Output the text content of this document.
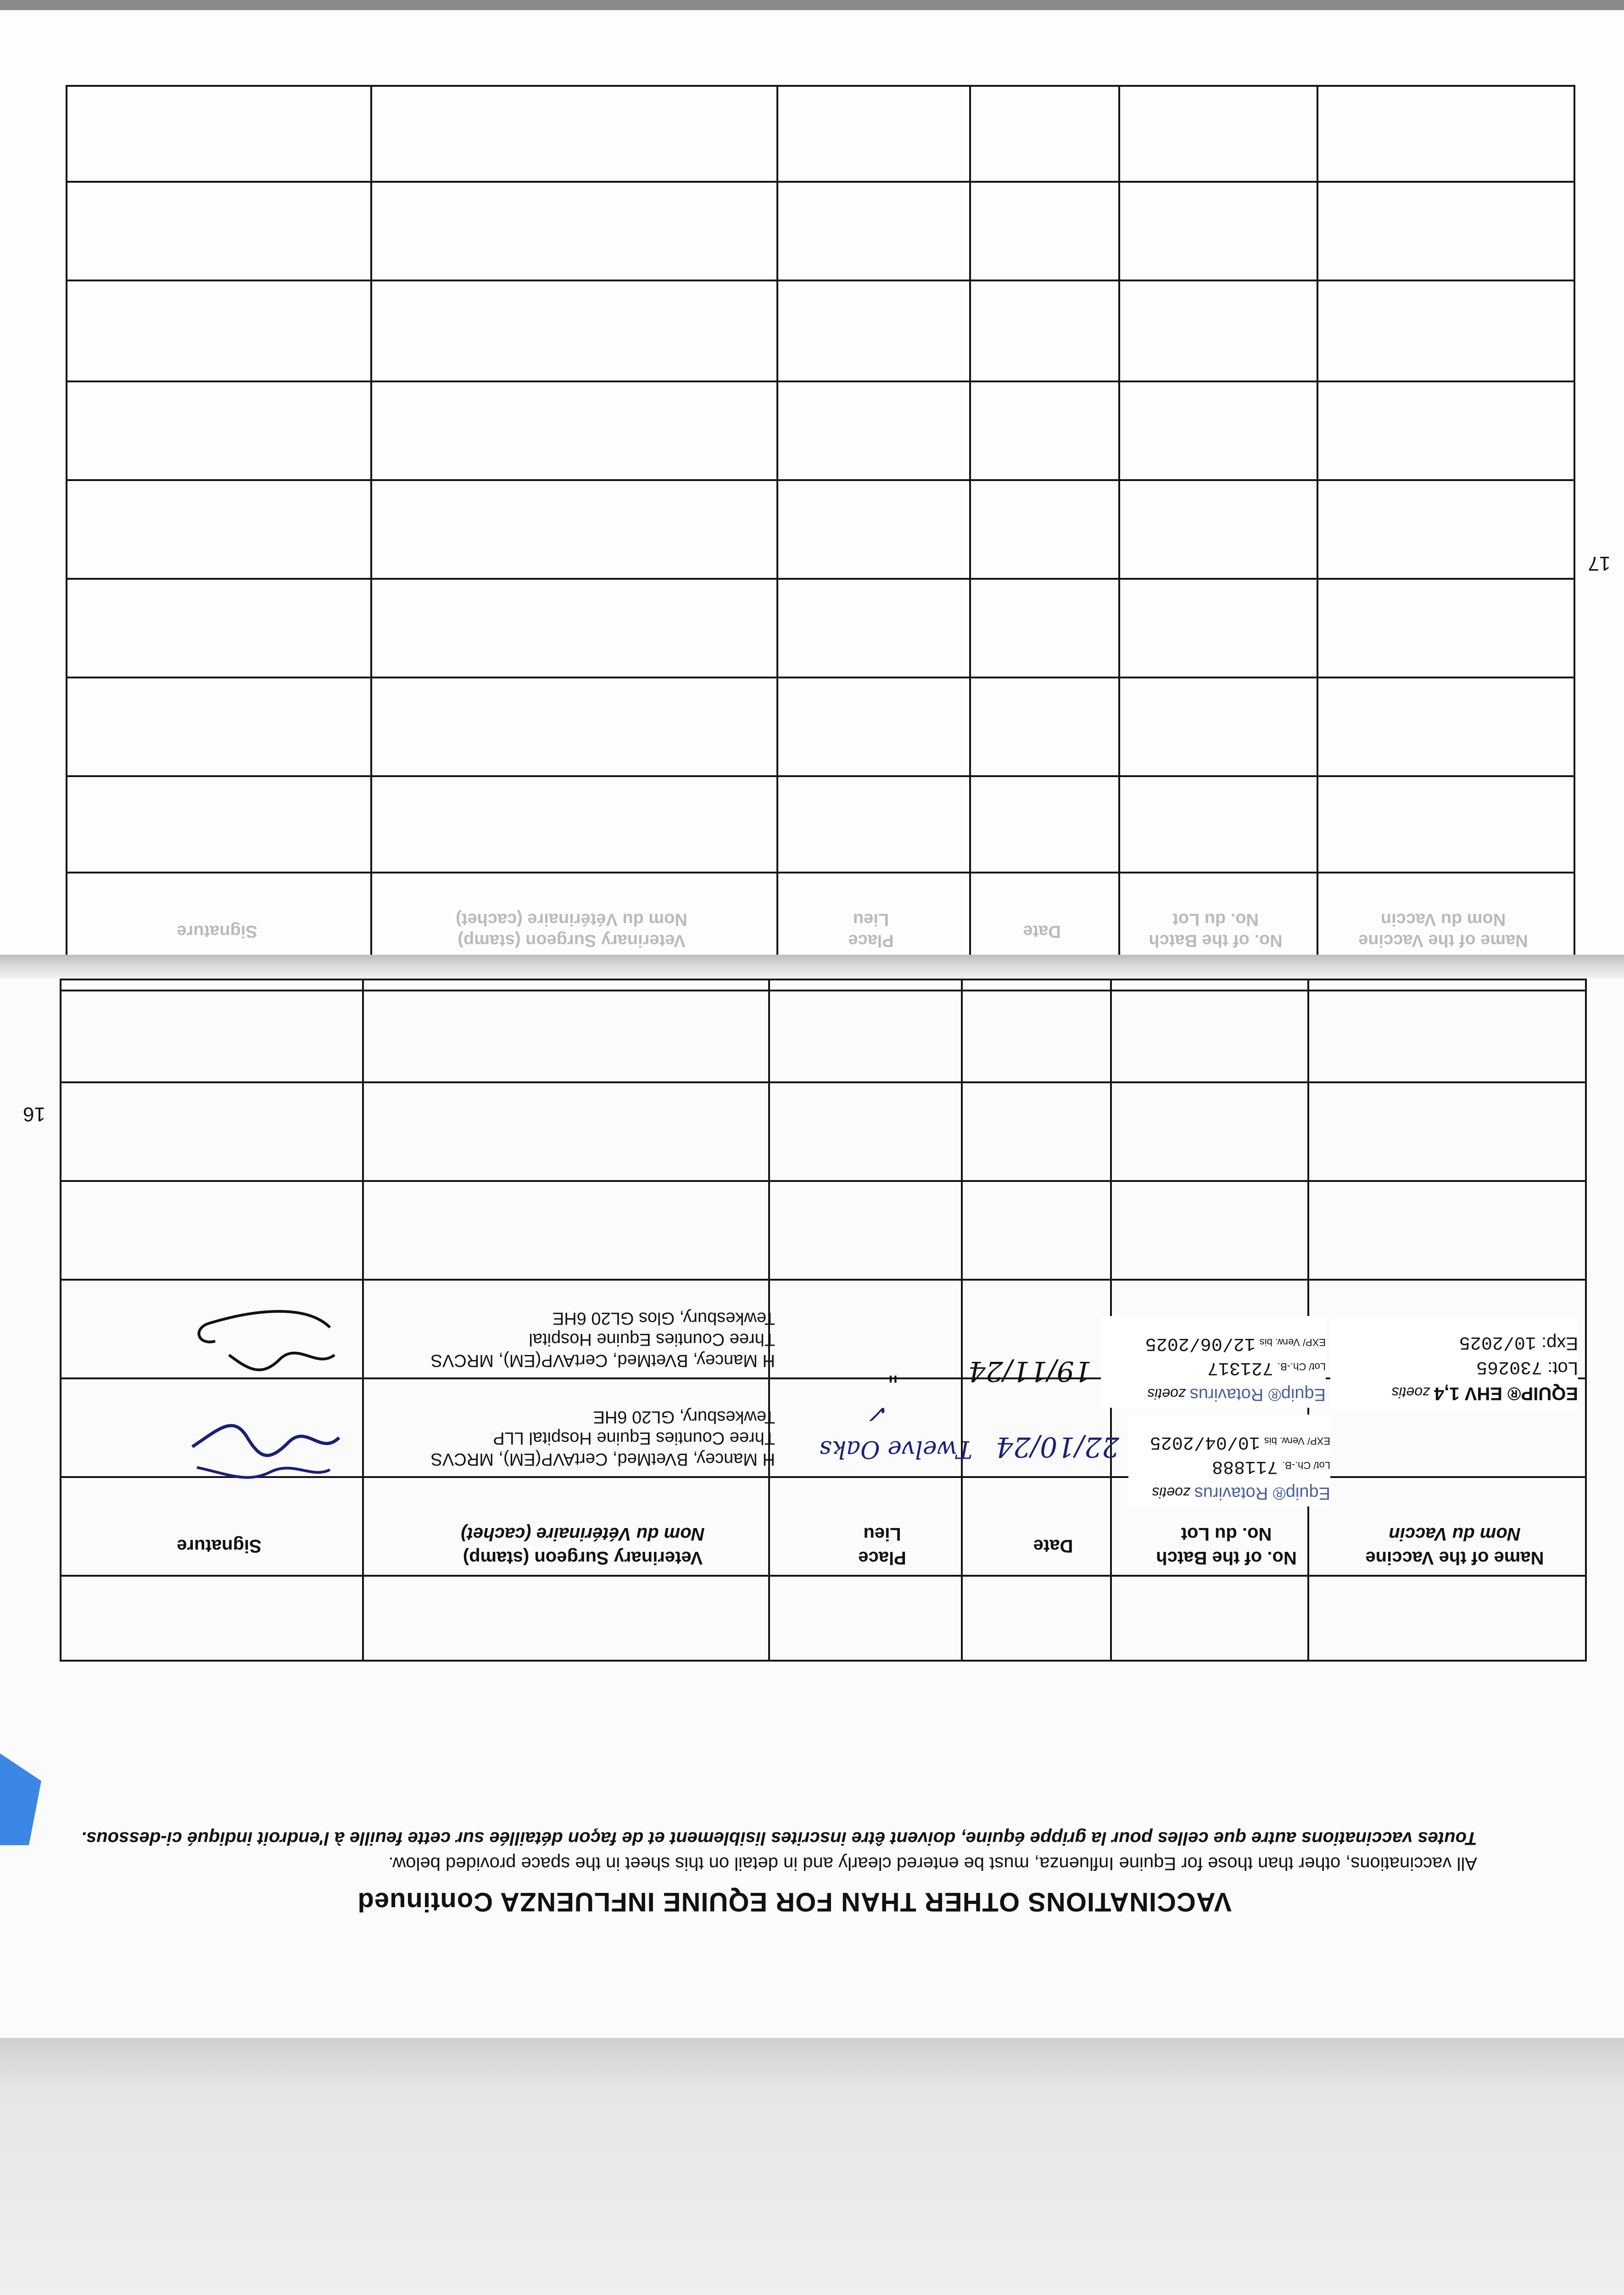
Signature	Veterinary Surgeon (stamp)
Nom du Vétérinaire (cachet)
Place
Lieu
Date	No. of the Batch
No. du Lot
Name of the Vaccine
Nom du Vaccin
17
VACCINATIONS OTHER THAN FOR EQUINE INFLUENZA Continued
All vaccinations, other than those for Equine Influenza, must be entered clearly and in detail on this sheet in the space provided below.
Toutes vaccinations autre que celles pour la grippe équine, doivent être inscrites lisiblement et de façon détaillée sur cette feuille à l'endroit indiqué ci-dessous.
Name of the Vaccine
Nom du Vaccin
No. of the Batch
No. du Lot
Date
Place
Lieu
Veterinary Surgeon (stamp)
Nom du Vétérinaire (cachet)
Signature
Equip® Rotavirus zoetis
Lot/ Ch.-B. 711888
EXP/ Verw. bis 10/04/2025
22/10/24
Twelve Oaks
✓
H Mancey, BVetMed, CertAVP(EM), MRCVS
Three Counties Equine Hospital LLP
Tewkesbury, GL20 6HE
EQUIP® EHV 1,4 zoetis
Lot: 730265
Exp: 10/2025
Equip® Rotavirus zoetis
Lot/ Ch.-B. 721317
EXP/ Verw. bis 12/06/2025
19/11/24
"
H Mancey, BVetMed, CertAVP(EM), MRCVS
Three Counties Equine Hospital
Tewkesbury, Glos GL20 6HE
16
